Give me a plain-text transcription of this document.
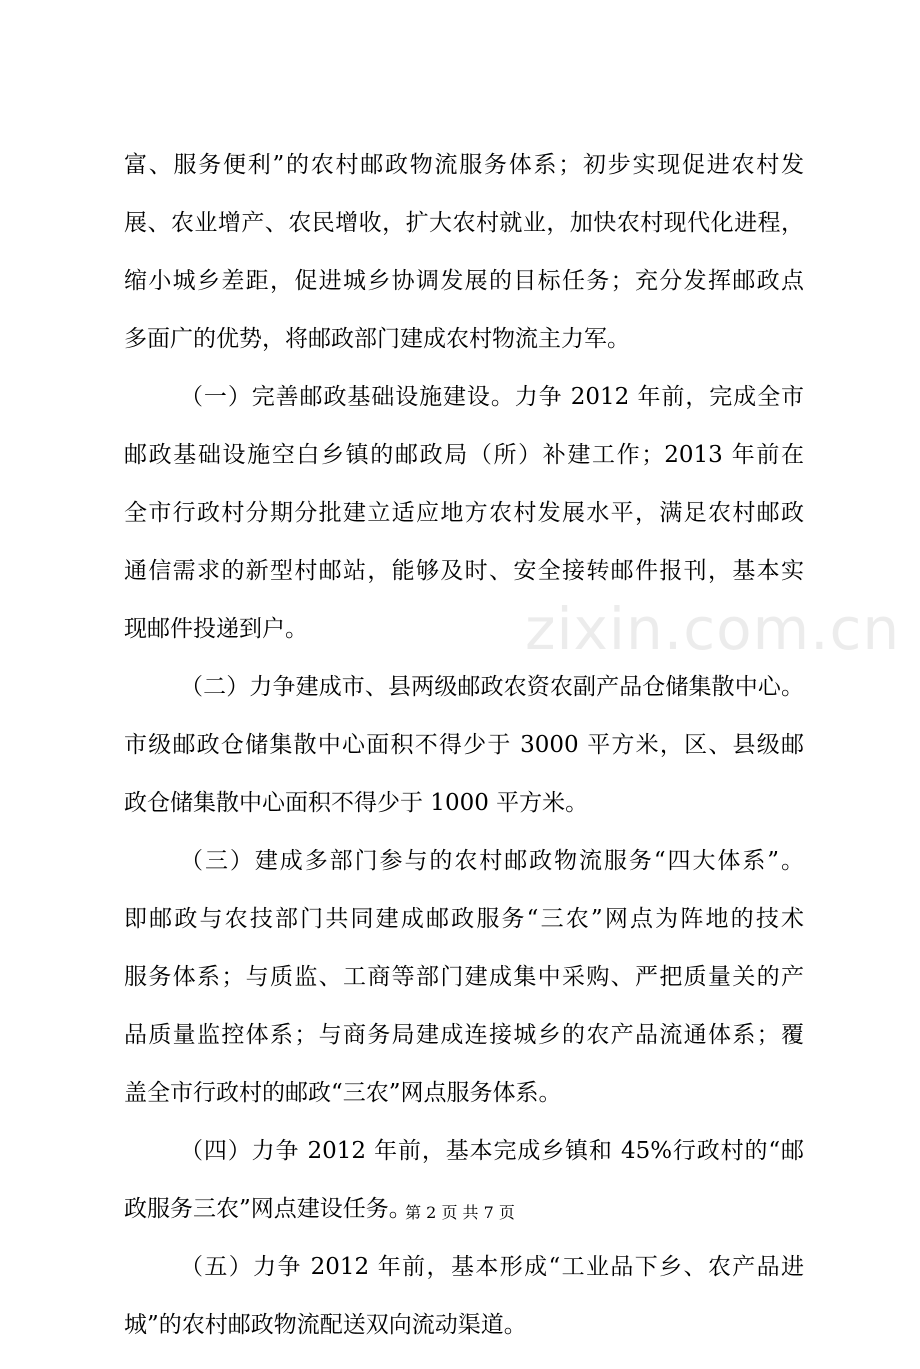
富、服务便利”的农村邮政物流服务体系；初步实现促进农村发
展、农业增产、农民增收，扩大农村就业，加快农村现代化进程，
缩小城乡差距，促进城乡协调发展的目标任务；充分发挥邮政点
多面广的优势，将邮政部门建成农村物流主力军。
（一）完善邮政基础设施建设。力争 2012 年前，完成全市
邮政基础设施空白乡镇的邮政局（所）补建工作；2013 年前在
全市行政村分期分批建立适应地方农村发展水平，满足农村邮政
通信需求的新型村邮站，能够及时、安全接转邮件报刊，基本实
现邮件投递到户。
（二）力争建成市、县两级邮政农资农副产品仓储集散中心。
市级邮政仓储集散中心面积不得少于 3000 平方米，区、县级邮
政仓储集散中心面积不得少于 1000 平方米。
（三）建成多部门参与的农村邮政物流服务“四大体系”。
即邮政与农技部门共同建成邮政服务“三农”网点为阵地的技术
服务体系；与质监、工商等部门建成集中采购、严把质量关的产
品质量监控体系；与商务局建成连接城乡的农产品流通体系；覆
盖全市行政村的邮政“三农”网点服务体系。
（四）力争 2012 年前，基本完成乡镇和 45%行政村的“邮
政服务三农”网点建设任务。
（五）力争 2012 年前，基本形成“工业品下乡、农产品进
城”的农村邮政物流配送双向流动渠道。
zixin.com.cn
第 2 页 共 7 页
